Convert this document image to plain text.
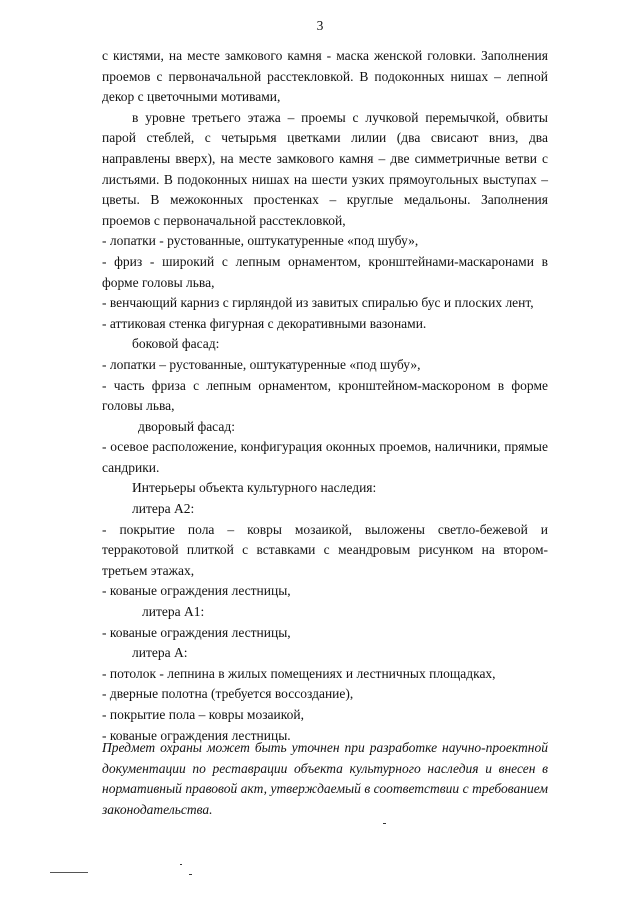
3

с кистями, на месте замкового камня - маска женской головки. Заполнения проемов с первоначальной расстекловкой. В подоконных нишах – лепной декор с цветочными мотивами,

в уровне третьего этажа – проемы с лучковой перемычкой, обвиты парой стеблей, с четырьмя цветками лилии (два свисают вниз, два направлены вверх), на месте замкового камня – две симметричные ветви с листьями. В подоконных нишах на шести узких прямоугольных выступах – цветы. В межоконных простенках – круглые медальоны. Заполнения проемов с первоначальной расстекловкой,

- лопатки - рустованные, оштукатуренные «под шубу»,

- фриз - широкий с лепным орнаментом, кронштейнами-маскаронами в форме головы льва,

- венчающий карниз с гирляндой из завитых спиралью бус и плоских лент,

- аттиковая стенка фигурная с декоративными вазонами.

боковой фасад:

- лопатки – рустованные, оштукатуренные «под шубу»,

- часть фриза с лепным орнаментом, кронштейном-маскороном в форме головы льва,

дворовый фасад:

- осевое расположение, конфигурация оконных проемов, наличники, прямые сандрики.

Интерьеры объекта культурного наследия:

литера А2:

- покрытие пола – ковры мозаикой, выложены светло-бежевой и терракотовой плиткой с вставками с меандровым рисунком на втором-третьем этажах,

- кованые ограждения лестницы,

литера А1:

- кованые ограждения лестницы,

литера А:

- потолок - лепнина в жилых помещениях и лестничных площадках,

- дверные полотна (требуется воссоздание),

- покрытие пола – ковры мозаикой,

- кованые ограждения лестницы.

Предмет охраны может быть уточнен при разработке научно-проектной документации по реставрации объекта культурного наследия и внесен в нормативный правовой акт, утверждаемый в соответствии с требованием законодательства.
